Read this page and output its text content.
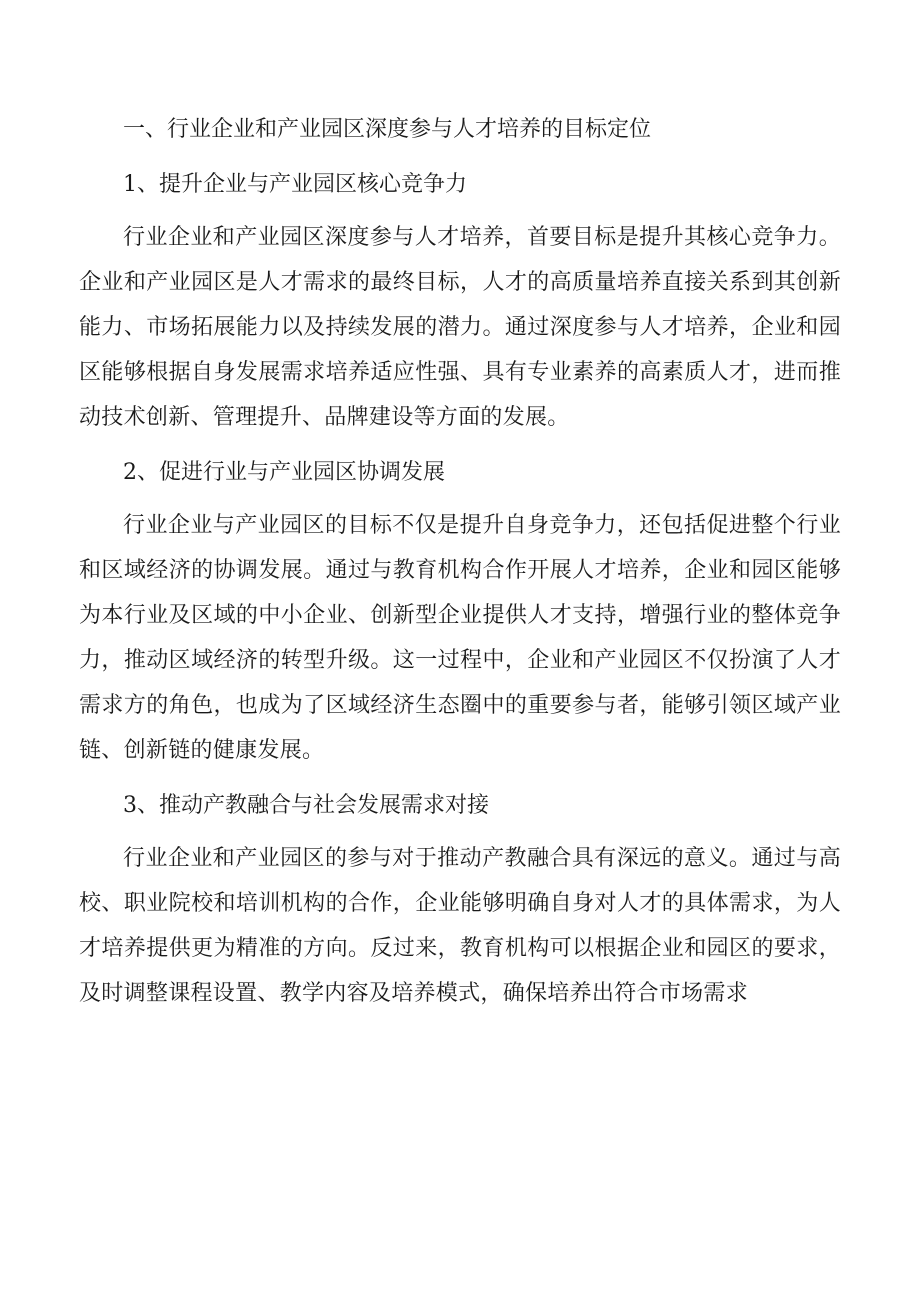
一、行业企业和产业园区深度参与人才培养的目标定位

1、提升企业与产业园区核心竞争力

行业企业和产业园区深度参与人才培养，首要目标是提升其核心竞争力。企业和产业园区是人才需求的最终目标，人才的高质量培养直接关系到其创新能力、市场拓展能力以及持续发展的潜力。通过深度参与人才培养，企业和园区能够根据自身发展需求培养适应性强、具有专业素养的高素质人才，进而推动技术创新、管理提升、品牌建设等方面的发展。

2、促进行业与产业园区协调发展

行业企业与产业园区的目标不仅是提升自身竞争力，还包括促进整个行业和区域经济的协调发展。通过与教育机构合作开展人才培养，企业和园区能够为本行业及区域的中小企业、创新型企业提供人才支持，增强行业的整体竞争力，推动区域经济的转型升级。这一过程中，企业和产业园区不仅扮演了人才需求方的角色，也成为了区域经济生态圈中的重要参与者，能够引领区域产业链、创新链的健康发展。

3、推动产教融合与社会发展需求对接

行业企业和产业园区的参与对于推动产教融合具有深远的意义。通过与高校、职业院校和培训机构的合作，企业能够明确自身对人才的具体需求，为人才培养提供更为精准的方向。反过来，教育机构可以根据企业和园区的要求，及时调整课程设置、教学内容及培养模式，确保培养出符合市场需求
